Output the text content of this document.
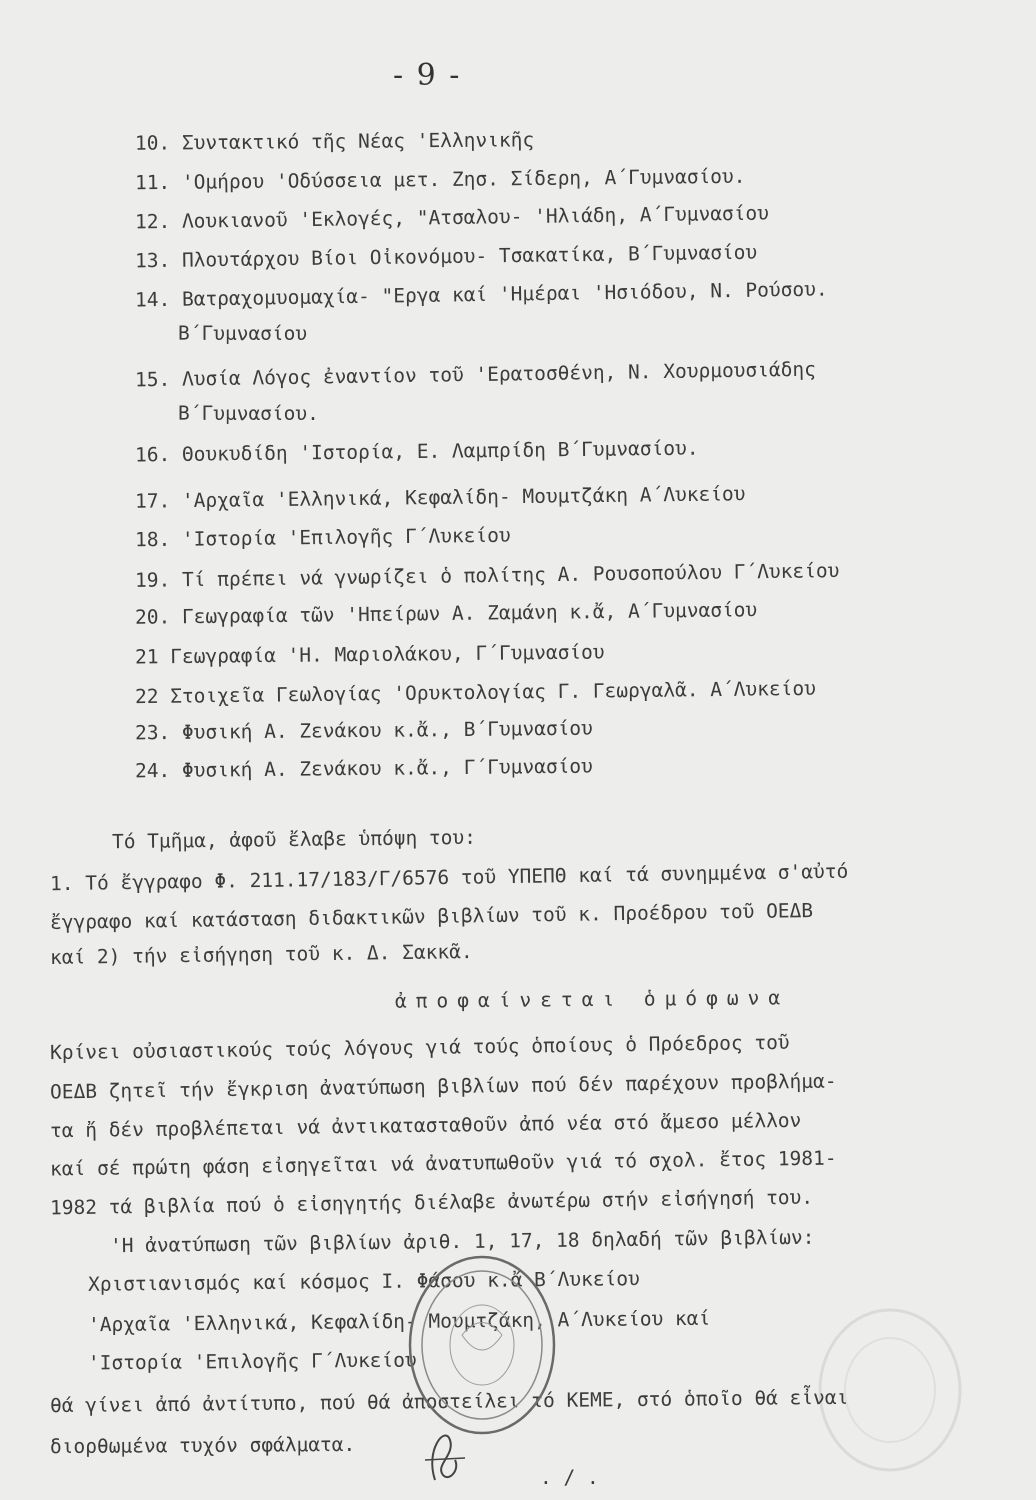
- 9 -
10. Συντακτικό τῆς Νέας 'Ελληνικῆς
11. 'Ομήρου 'Οδύσσεια μετ. Ζησ. Σίδερη, Α΄Γυμνασίου.
12. Λουκιανοῦ 'Εκλογές, "Ατσαλου- 'Ηλιάδη, Α΄Γυμνασίου
13. Πλουτάρχου Βίοι Οἰκονόμου- Τσακατίκα, Β΄Γυμνασίου
14. Βατραχομυομαχία- "Εργα καί 'Ημέραι 'Ησιόδου, Ν. Ρούσου.
Β΄Γυμνασίου
15. Λυσία Λόγος ἐναντίον τοῦ 'Ερατοσθένη, Ν. Χουρμουσιάδης
Β΄Γυμνασίου.
16. Θουκυδίδη 'Ιστορία, Ε. Λαμπρίδη Β΄Γυμνασίου.
17. 'Αρχαῖα 'Ελληνικά, Κεφαλίδη- Μουμτζάκη Α΄Λυκείου
18. 'Ιστορία 'Επιλογῆς Γ΄Λυκείου
19. Τί πρέπει νά γνωρίζει ὁ πολίτης Α. Ρουσοπούλου Γ΄Λυκείου
20. Γεωγραφία τῶν 'Ηπείρων Α. Ζαμάνη κ.ἄ, Α΄Γυμνασίου
21 Γεωγραφία 'Η. Μαριολάκου, Γ΄Γυμνασίου
22 Στοιχεῖα Γεωλογίας 'Ορυκτολογίας Γ. Γεωργαλᾶ. Α΄Λυκείου
23. Φυσική Α. Ζενάκου κ.ἄ., Β΄Γυμνασίου
24. Φυσική Α. Ζενάκου κ.ἄ., Γ΄Γυμνασίου
Τό Τμῆμα, ἀφοῦ ἔλαβε ὑπόψη του:
1. Τό ἔγγραφο Φ. 211.17/183/Γ/6576 τοῦ ΥΠΕΠΘ καί τά συνημμένα σ'αὐτό
ἔγγραφο καί κατάσταση διδακτικῶν βιβλίων τοῦ κ. Προέδρου τοῦ ΟΕΔΒ
καί 2) τήν εἰσήγηση τοῦ κ. Δ. Σακκᾶ.
ἀποφαίνεται ὁμόφωνα
Κρίνει οὐσιαστικούς τούς λόγους γιά τούς ὁποίους ὁ Πρόεδρος τοῦ
ΟΕΔΒ ζητεῖ τήν ἔγκριση ἀνατύπωση βιβλίων πού δέν παρέχουν προβλήμα-
τα ἤ δέν προβλέπεται νά ἀντικατασταθοῦν ἀπό νέα στό ἄμεσο μέλλον
καί σέ πρώτη φάση εἰσηγεῖται νά ἀνατυπωθοῦν γιά τό σχολ. ἔτος 1981-
1982 τά βιβλία πού ὁ εἰσηγητής διέλαβε ἀνωτέρω στήν εἰσήγησή του.
'Η ἀνατύπωση τῶν βιβλίων ἀριθ. 1, 17, 18 δηλαδή τῶν βιβλίων:
Χριστιανισμός καί κόσμος Ι. Φάσου κ.ἄ Β΄Λυκείου
'Αρχαῖα 'Ελληνικά, Κεφαλίδη- Μουμτζάκη, Α΄Λυκείου καί
'Ιστορία 'Επιλογῆς Γ΄Λυκείου
θά γίνει ἀπό ἀντίτυπο, πού θά ἀποστείλει τό ΚΕΜΕ, στό ὁποῖο θά εἶναι
διορθωμένα τυχόν σφάλματα.
. / .
